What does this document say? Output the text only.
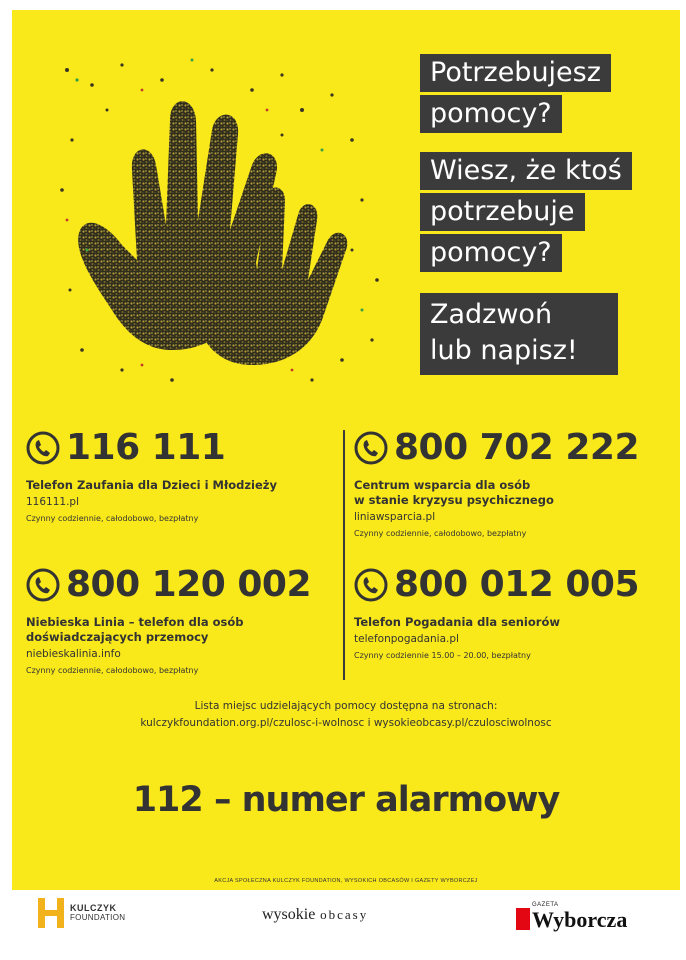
Potrzebujesz
pomocy?
Wiesz, że ktoś
potrzebuje
pomocy?
Zadzwoń
lub napisz!
116 111
Telefon Zaufania dla Dzieci i Młodzieży
116111.pl
Czynny codziennie, całodobowo, bezpłatny
800 702 222
Centrum wsparcia dla osób
w stanie kryzysu psychicznego
liniawsparcia.pl
Czynny codziennie, całodobowo, bezpłatny
800 120 002
Niebieska Linia – telefon dla osób
doświadczających przemocy
niebieskalinia.info
Czynny codziennie, całodobowo, bezpłatny
800 012 005
Telefon Pogadania dla seniorów
telefonpogadania.pl
Czynny codziennie 15.00 – 20.00, bezpłatny
Lista miejsc udzielających pomocy dostępna na stronach:
kulczykfoundation.org.pl/czulosc-i-wolnosc i wysokieobcasy.pl/czulosciwolnosc
112 – numer alarmowy
AKCJA SPOŁECZNA KULCZYK FOUNDATION, WYSOKICH OBCASÓW I GAZETY WYBORCZEJ
KULCZYK
FOUNDATION	wysokie obcasy
GAZETA
Wyborcza
